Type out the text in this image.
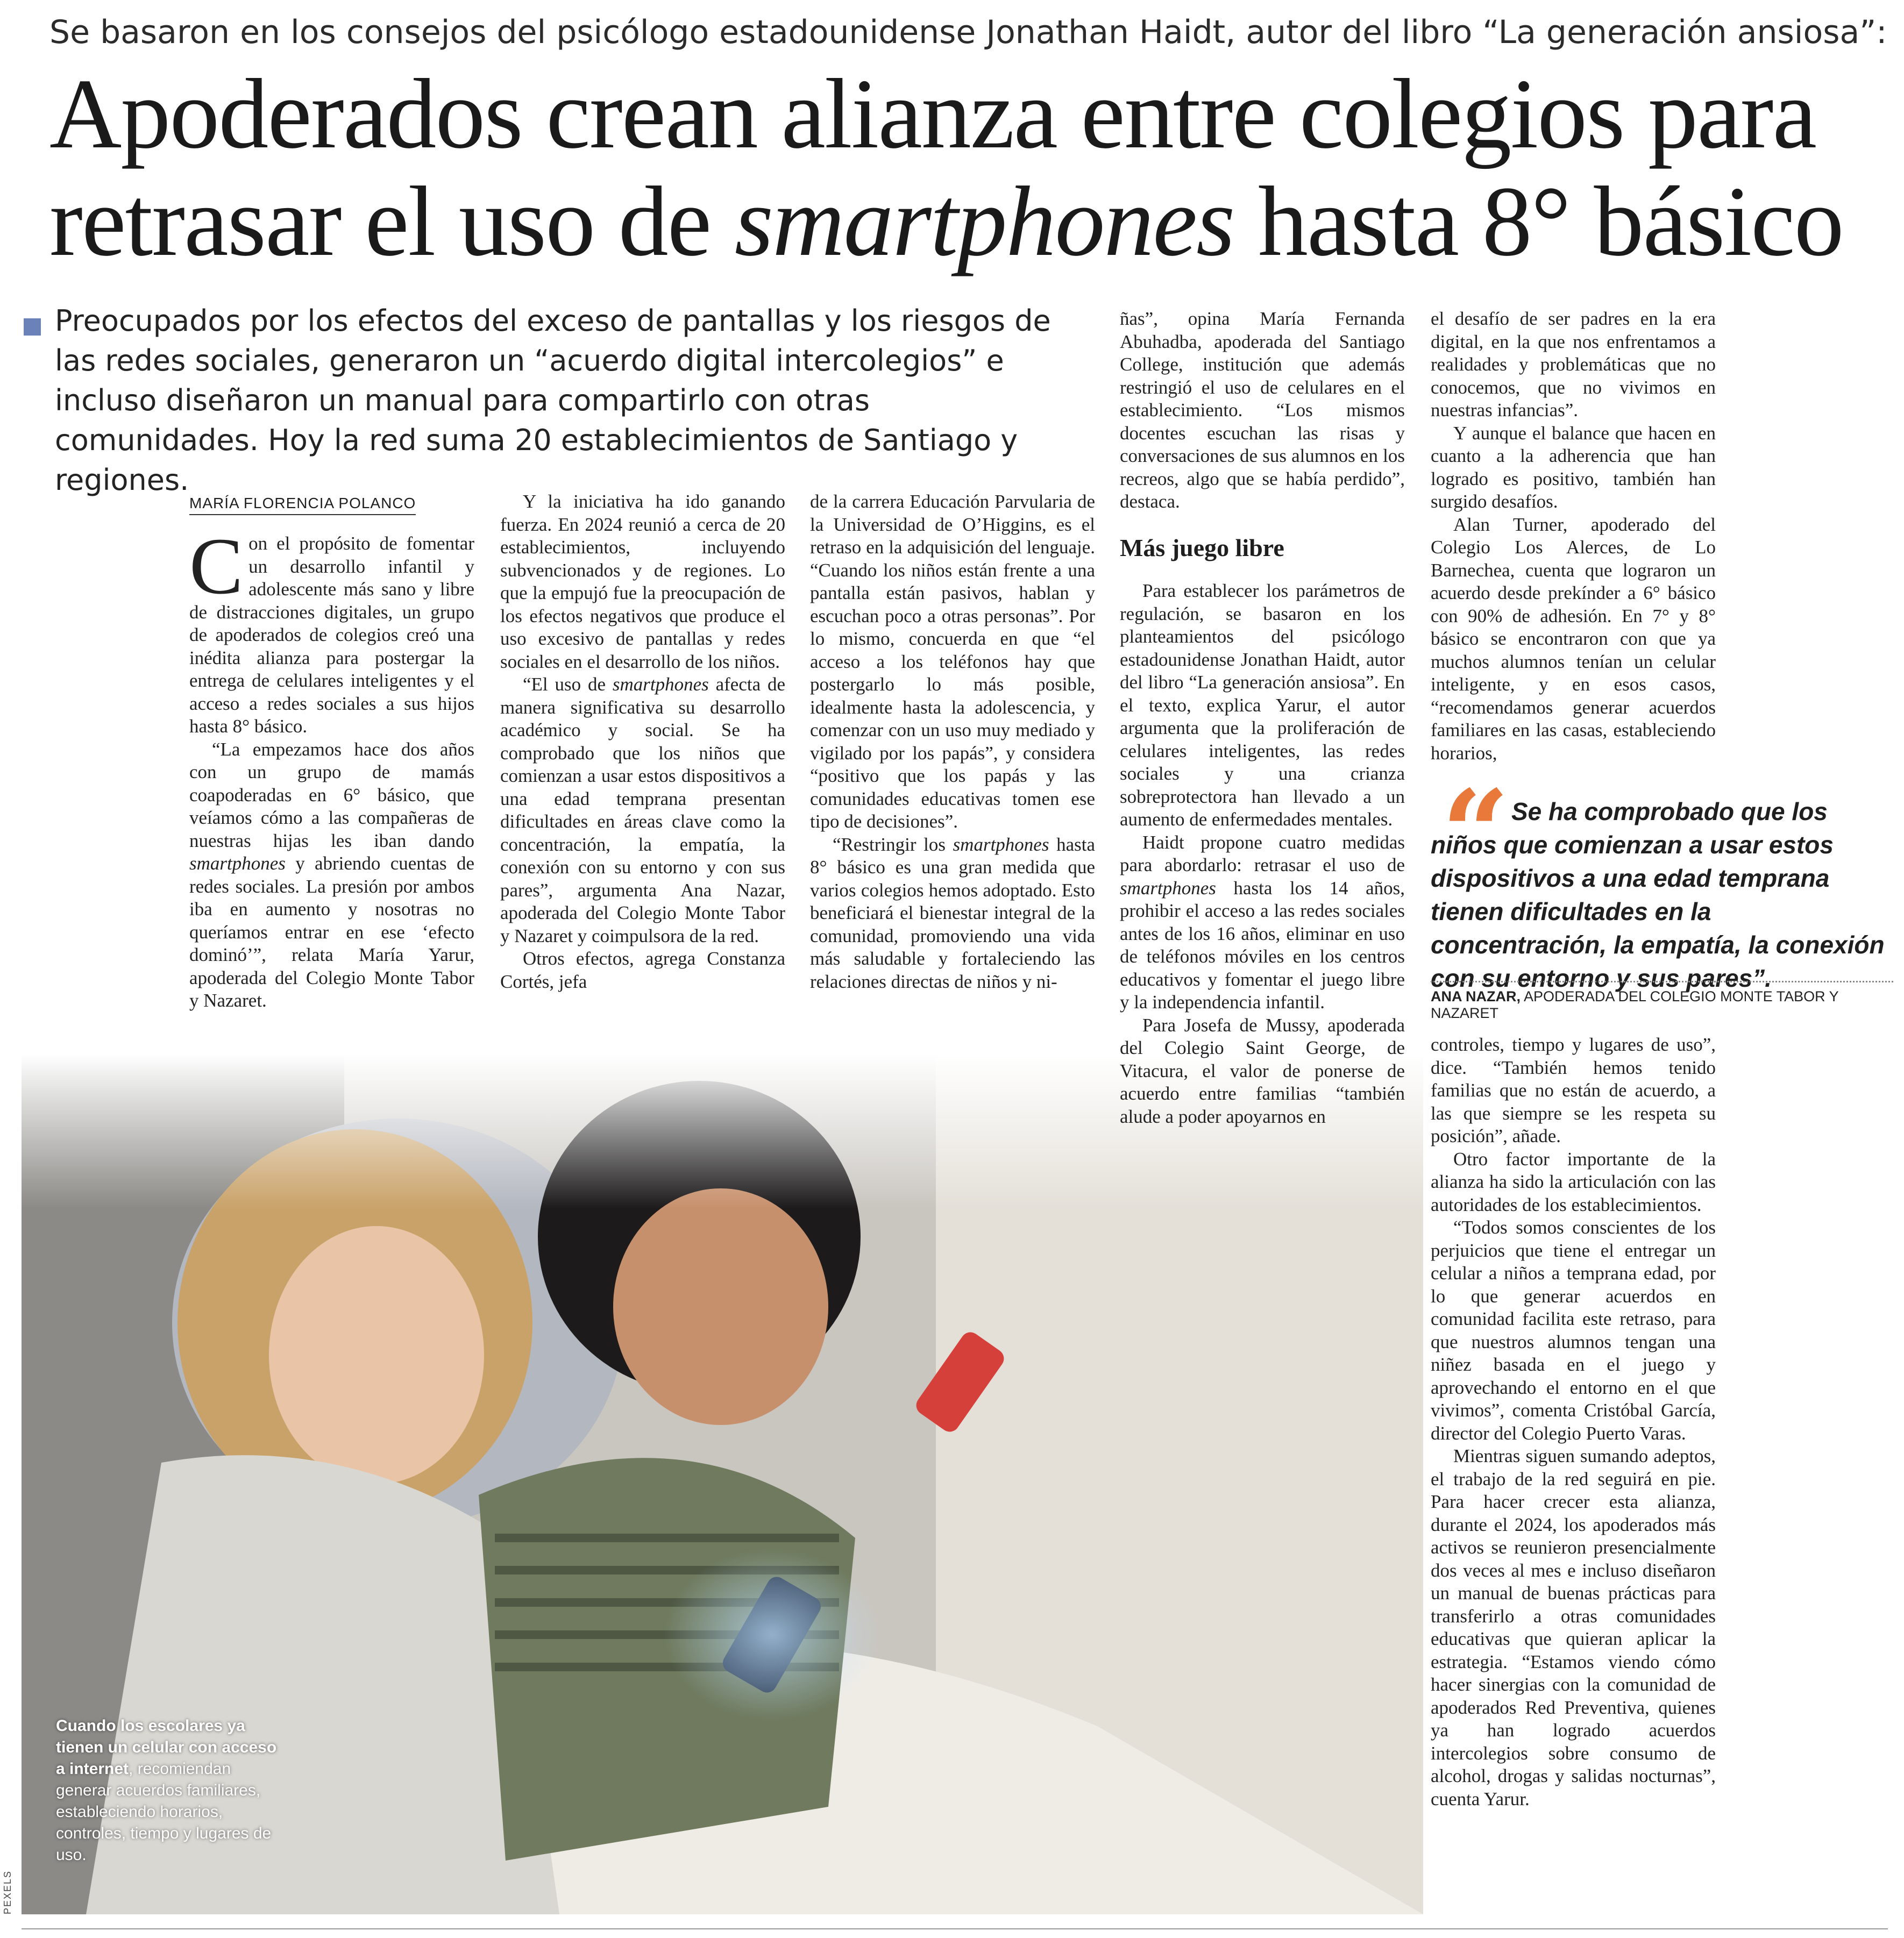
Se basaron en los consejos del psicólogo estadounidense Jonathan Haidt, autor del libro “La generación ansiosa”:
Apoderados crean alianza entre colegios para
retrasar el uso de smartphones hasta 8° básico
Preocupados por los efectos del exceso de pantallas y los riesgos de las redes sociales, generaron un “acuerdo digital intercolegios” e incluso diseñaron un manual para compartirlo con otras comunidades. Hoy la red suma 20 establecimientos de Santiago y regiones.
MARÍA FLORENCIA POLANCO

Con el propósito de fomentar un desarrollo infantil y adolescente más sano y libre de distracciones digitales, un grupo de apoderados de colegios creó una inédita alianza para postergar la entrega de celulares inteligentes y el acceso a redes sociales a sus hijos hasta 8° básico.

“La empezamos hace dos años con un grupo de mamás coapoderadas en 6° básico, que veíamos cómo a las compañeras de nuestras hijas les iban dando smartphones y abriendo cuentas de redes sociales. La presión por ambos iba en aumento y nosotras no queríamos entrar en ese ‘efecto dominó’”, relata María Yarur, apoderada del Colegio Monte Tabor y Nazaret.

Y la iniciativa ha ido ganando fuerza. En 2024 reunió a cerca de 20 establecimientos, incluyendo subvencionados y de regiones. Lo que la empujó fue la preocupación de los efectos negativos que produce el uso excesivo de pantallas y redes sociales en el desarrollo de los niños.

“El uso de smartphones afecta de manera significativa su desarrollo académico y social. Se ha comprobado que los niños que comienzan a usar estos dispositivos a una edad temprana presentan dificultades en áreas clave como la concentración, la empatía, la conexión con su entorno y con sus pares”, argumenta Ana Nazar, apoderada del Colegio Monte Tabor y Nazaret y coimpulsora de la red.

Otros efectos, agrega Constanza Cortés, jefa

de la carrera Educación Parvularia de la Universidad de O’Higgins, es el retraso en la adquisición del lenguaje. “Cuando los niños están frente a una pantalla están pasivos, hablan y escuchan poco a otras personas”. Por lo mismo, concuerda en que “el acceso a los teléfonos hay que postergarlo lo más posible, idealmente hasta la adolescencia, y comenzar con un uso muy mediado y vigilado por los papás”, y considera “positivo que los papás y las comunidades educativas tomen ese tipo de decisiones”.

“Restringir los smartphones hasta 8° básico es una gran medida que varios colegios hemos adoptado. Esto beneficiará el bienestar integral de la comunidad, promoviendo una vida más saludable y fortaleciendo las relaciones directas de niños y ni-

ñas”, opina María Fernanda Abuhadba, apoderada del Santiago College, institución que además restringió el uso de celulares en el establecimiento. “Los mismos docentes escuchan las risas y conversaciones de sus alumnos en los recreos, algo que se había perdido”, destaca.

Más juego libre

Para establecer los parámetros de regulación, se basaron en los planteamientos del psicólogo estadounidense Jonathan Haidt, autor del libro “La generación ansiosa”. En el texto, explica Yarur, el autor argumenta que la proliferación de celulares inteligentes, las redes sociales y una crianza sobreprotectora han llevado a un aumento de enfermedades mentales.

Haidt propone cuatro medidas para abordarlo: retrasar el uso de smartphones hasta los 14 años, prohibir el acceso a las redes sociales antes de los 16 años, eliminar en uso de teléfonos móviles en los centros educativos y fomentar el juego libre y la independencia infantil.

Para Josefa de Mussy, apoderada del Colegio Saint George, de Vitacura, el valor de ponerse de acuerdo entre familias “también alude a poder apoyarnos en

el desafío de ser padres en la era digital, en la que nos enfrentamos a realidades y problemáticas que no conocemos, que no vivimos en nuestras infancias”.

Y aunque el balance que hacen en cuanto a la adherencia que han logrado es positivo, también han surgido desafíos.

Alan Turner, apoderado del Colegio Los Alerces, de Lo Barnechea, cuenta que lograron un acuerdo desde prekínder a 6° básico con 90% de adhesión. En 7° y 8° básico se encontraron con que ya muchos alumnos tenían un celular inteligente, y en esos casos, “recomendamos generar acuerdos familiares en las casas, estableciendo horarios,

“ Se ha comprobado que los niños que comienzan a usar estos dispositivos a una edad temprana tienen dificultades en la concentración, la empatía, la conexión con su entorno y sus pares”.
ANA NAZAR, APODERADA DEL COLEGIO MONTE TABOR Y NAZARET

controles, tiempo y lugares de uso”, dice. “También hemos tenido familias que no están de acuerdo, a las que siempre se les respeta su posición”, añade.

Otro factor importante de la alianza ha sido la articulación con las autoridades de los establecimientos.

“Todos somos conscientes de los perjuicios que tiene el entregar un celular a niños a temprana edad, por lo que generar acuerdos en comunidad facilita este retraso, para que nuestros alumnos tengan una niñez basada en el juego y aprovechando el entorno en el que vivimos”, comenta Cristóbal García, director del Colegio Puerto Varas.

Mientras siguen sumando adeptos, el trabajo de la red seguirá en pie. Para hacer crecer esta alianza, durante el 2024, los apoderados más activos se reunieron presencialmente dos veces al mes e incluso diseñaron un manual de buenas prácticas para transferirlo a otras comunidades educativas que quieran aplicar la estrategia. “Estamos viendo cómo hacer sinergias con la comunidad de apoderados Red Preventiva, quienes ya han logrado acuerdos intercolegios sobre consumo de alcohol, drogas y salidas nocturnas”, cuenta Yarur.

Cuando los escolares ya tienen un celular con acceso a internet, recomiendan generar acuerdos familiares, estableciendo horarios, controles, tiempo y lugares de uso.
PEXELS
